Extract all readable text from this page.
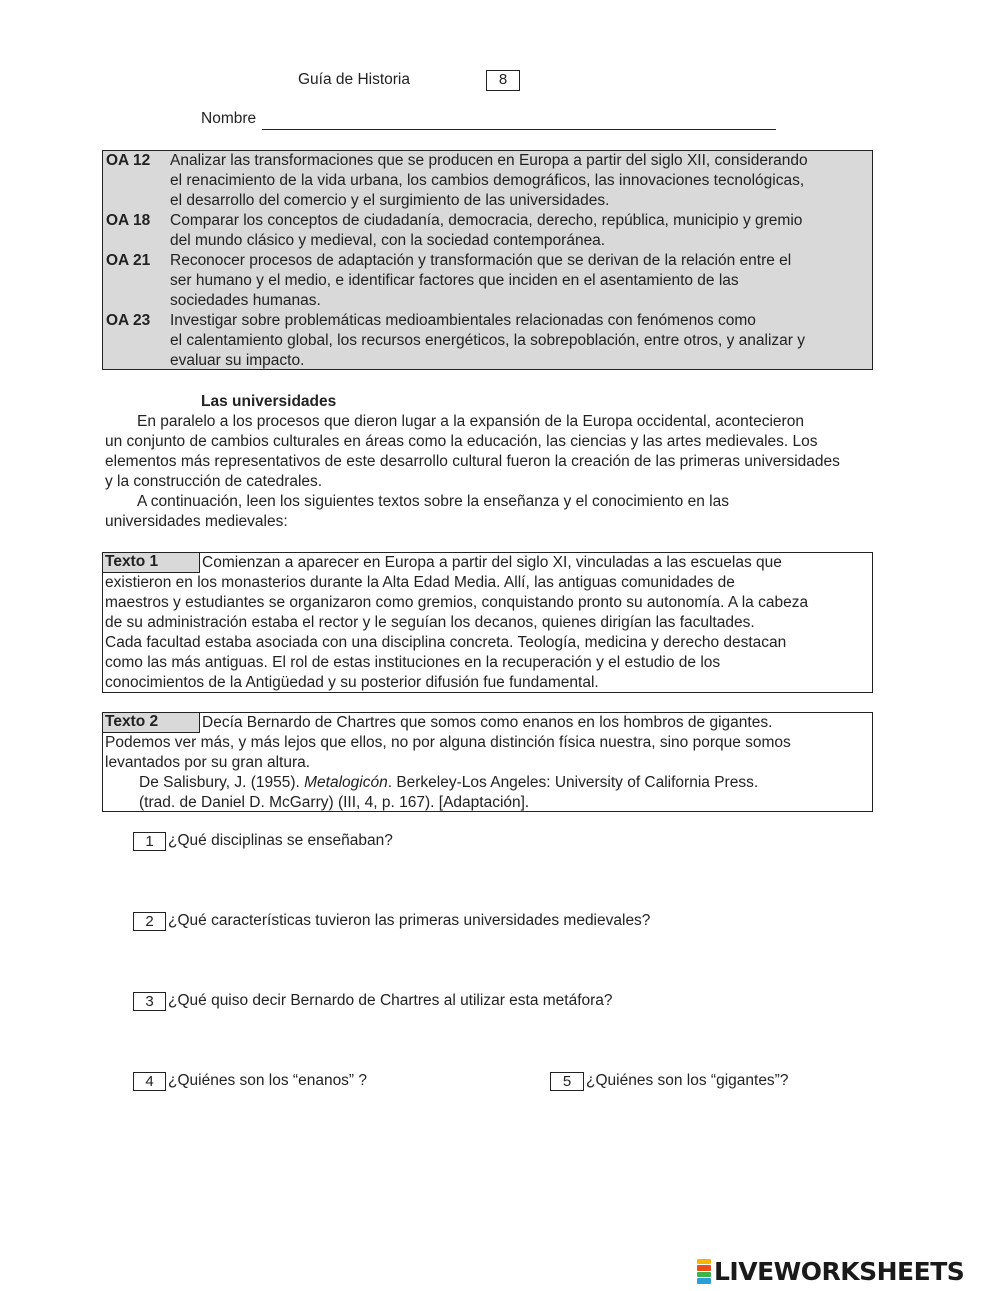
Guía de Historia	8
Nombre
OA 12	Analizar las transformaciones que se producen en Europa a partir del siglo XII, considerando
el renacimiento de la vida urbana, los cambios demográficos, las innovaciones tecnológicas,
el desarrollo del comercio y el surgimiento de las universidades.
OA 18	Comparar los conceptos de ciudadanía, democracia, derecho, república, municipio y gremio
del mundo clásico y medieval, con la sociedad contemporánea.
OA 21	Reconocer procesos de adaptación y transformación que se derivan de la relación entre el
ser humano y el medio, e identificar factores que inciden en el asentamiento de las
sociedades humanas.
OA 23	Investigar sobre problemáticas medioambientales relacionadas con fenómenos como
el calentamiento global, los recursos energéticos, la sobrepoblación, entre otros, y analizar y
evaluar su impacto.
Las universidades
En paralelo a los procesos que dieron lugar a la expansión de la Europa occidental, acontecieron
un conjunto de cambios culturales en áreas como la educación, las ciencias y las artes medievales. Los
elementos más representativos de este desarrollo cultural fueron la creación de las primeras universidades
y la construcción de catedrales.
A continuación, leen los siguientes textos sobre la enseñanza y el conocimiento en las
universidades medievales:
Texto 1	Comienzan a aparecer en Europa a partir del siglo XI, vinculadas a las escuelas que
existieron en los monasterios durante la Alta Edad Media. Allí, las antiguas comunidades de
maestros y estudiantes se organizaron como gremios, conquistando pronto su autonomía. A la cabeza
de su administración estaba el rector y le seguían los decanos, quienes dirigían las facultades.
Cada facultad estaba asociada con una disciplina concreta. Teología, medicina y derecho destacan
como las más antiguas. El rol de estas instituciones en la recuperación y el estudio de los
conocimientos de la Antigüedad y su posterior difusión fue fundamental.
Texto 2	Decía Bernardo de Chartres que somos como enanos en los hombros de gigantes.
Podemos ver más, y más lejos que ellos, no por alguna distinción física nuestra, sino porque somos
levantados por su gran altura.
De Salisbury, J. (1955). Metalogicón. Berkeley-Los Angeles: University of California Press.
(trad. de Daniel D. McGarry) (III, 4, p. 167). [Adaptación].
1 ¿Qué disciplinas se enseñaban?
2 ¿Qué características tuvieron las primeras universidades medievales?
3 ¿Qué quiso decir Bernardo de Chartres al utilizar esta metáfora?
4 ¿Quiénes son los “enanos” ?	5 ¿Quiénes son los “gigantes”?
LIVEWORKSHEETS
